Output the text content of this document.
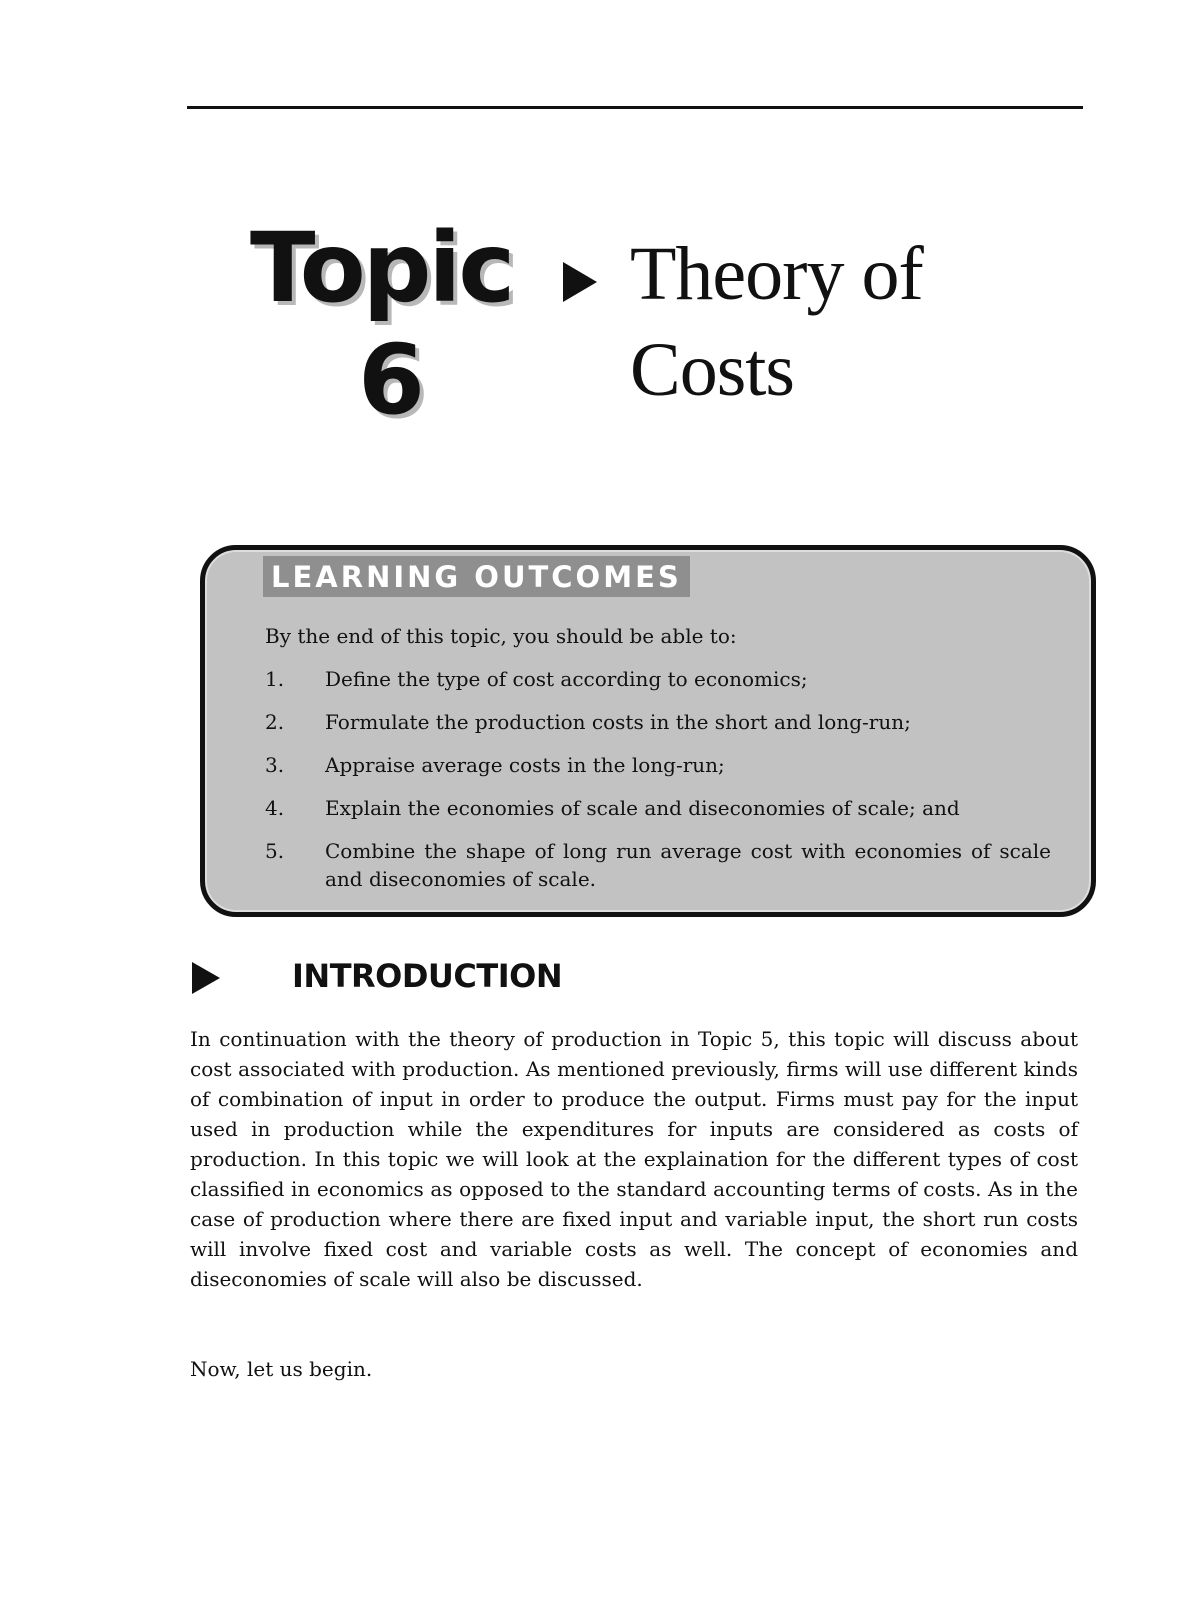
Topic
6
Theory of Costs
LEARNING OUTCOMES
By the end of this topic, you should be able to:
1.	Define the type of cost according to economics;
2.	Formulate the production costs in the short and long-run;
3.	Appraise average costs in the long-run;
4.	Explain the economies of scale and diseconomies of scale; and
5.	Combine the shape of long run average cost with economies of scale and diseconomies of scale.
INTRODUCTION

In continuation with the theory of production in Topic 5, this topic will discuss about cost associated with production. As mentioned previously, firms will use different kinds of combination of input in order to produce the output. Firms must pay for the input used in production while the expenditures for inputs are considered as costs of production. In this topic we will look at the explaination for the different types of cost classified in economics as opposed to the standard accounting terms of costs. As in the case of production where there are fixed input and variable input, the short run costs will involve fixed cost and variable costs as well. The concept of economies and diseconomies of scale will also be discussed.

Now, let us begin.
